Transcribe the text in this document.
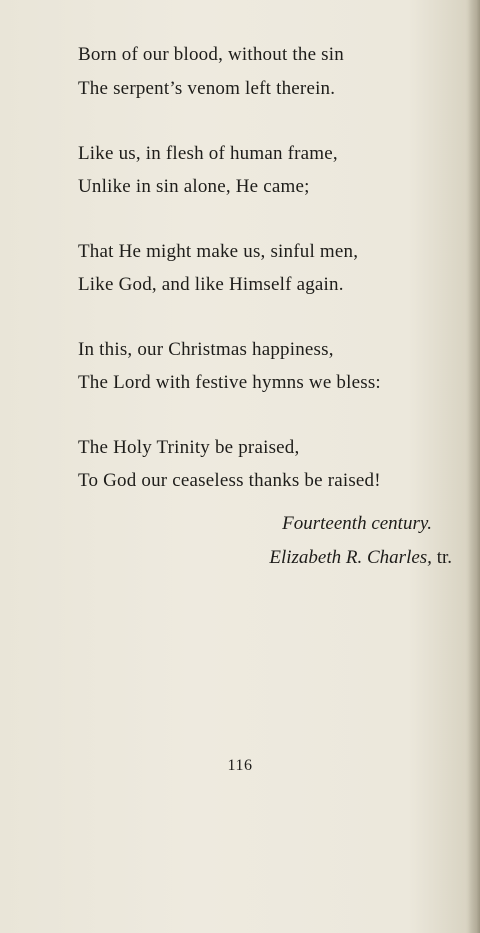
Born of our blood, without the sin
The serpent’s venom left therein.
Like us, in flesh of human frame,
Unlike in sin alone, He came;
That He might make us, sinful men,
Like God, and like Himself again.
In this, our Christmas happiness,
The Lord with festive hymns we bless:
The Holy Trinity be praised,
To God our ceaseless thanks be raised!
Fourteenth century.
Elizabeth R. Charles, tr.
116
